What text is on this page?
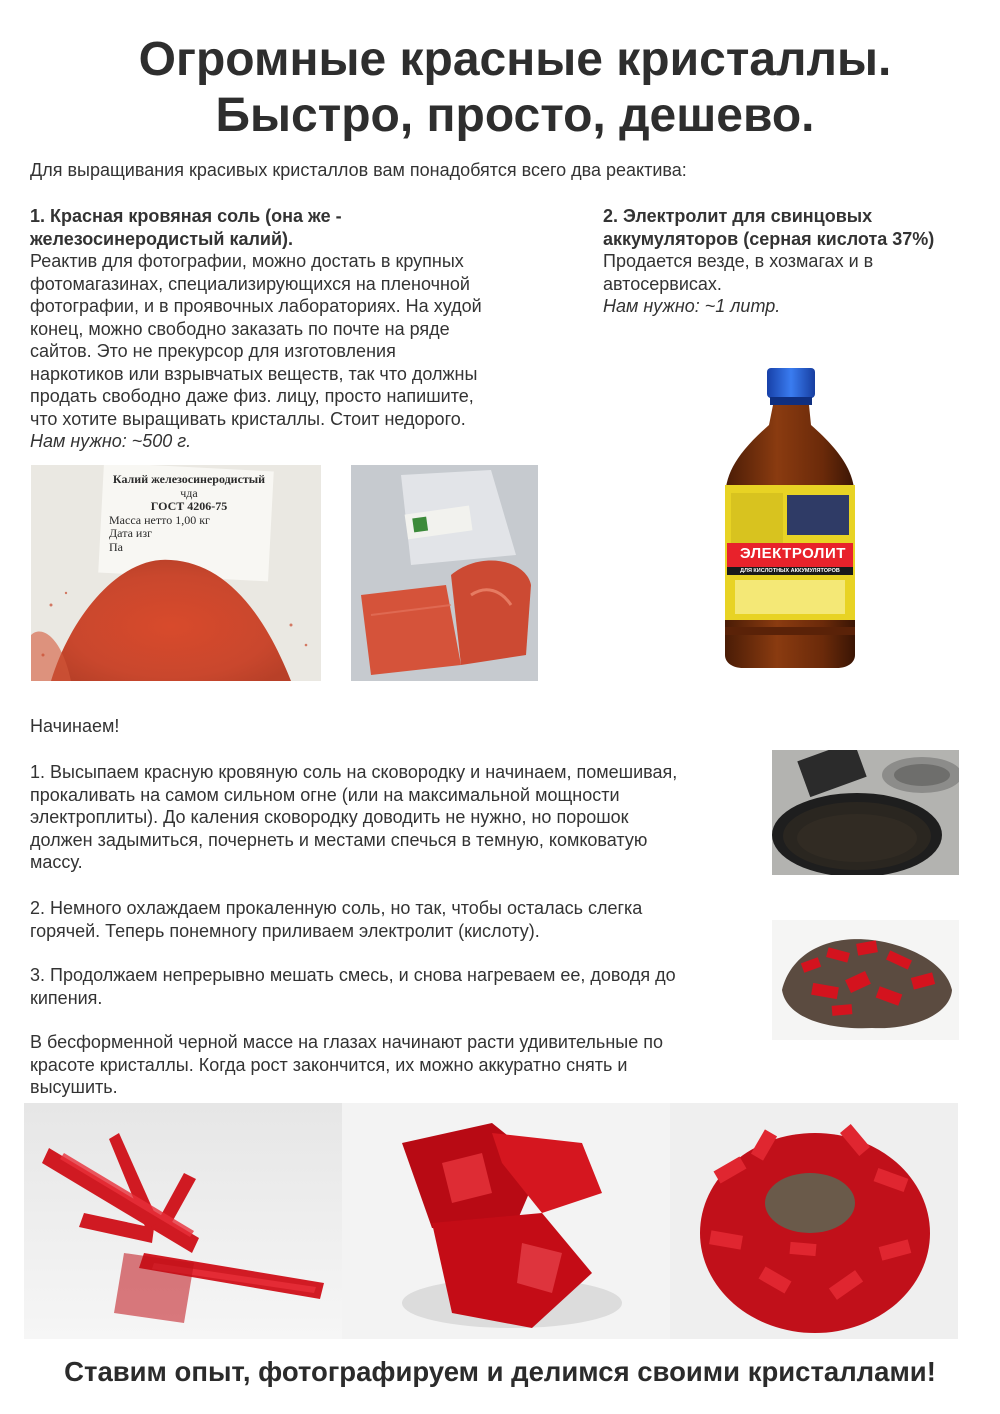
Огромные красные кристаллы.
Быстро, просто, дешево.
Для выращивания красивых кристаллов вам понадобятся всего два реактива:
1. Красная кровяная соль (она же -
железосинеродистый калий).
Реактив для фотографии, можно достать в крупных
фотомагазинах, специализирующихся на пленочной
фотографии, и в проявочных лабораториях. На худой
конец, можно свободно заказать по почте на ряде
сайтов. Это не прекурсор для изготовления
наркотиков или взрывчатых веществ, так что должны
продать свободно даже физ. лицу, просто напишите,
что хотите выращивать кристаллы. Стоит недорого.
Нам нужно: ~500 г.
2. Электролит для свинцовых
аккумуляторов (серная кислота 37%)
Продается везде, в хозмагах и в
автосервисах.
Нам нужно: ~1 литр.
Калий железосинеродистый
чда
ГОСТ 4206-75
Масса нетто 1,00 кг
Дата изг
Па	ЭЛЕКТРОЛИТ
ДЛЯ КИСЛОТНЫХ АККУМУЛЯТОРОВ
Начинаем!
1. Высыпаем красную кровяную соль на сковородку и начинаем, помешивая,
прокаливать на самом сильном огне (или на максимальной мощности
электроплиты). До каления сковородку доводить не нужно, но порошок
должен задымиться, почернеть и местами спечься в темную, комковатую
массу.
2. Немного охлаждаем прокаленную соль, но так, чтобы осталась слегка
горячей. Теперь понемногу приливаем электролит (кислоту).
3. Продолжаем непрерывно мешать смесь, и снова нагреваем ее, доводя до
кипения.
В бесформенной черной массе на глазах начинают расти удивительные по
красоте кристаллы. Когда рост закончится, их можно аккуратно снять и
высушить.
Ставим опыт, фотографируем и делимся своими кристаллами!
